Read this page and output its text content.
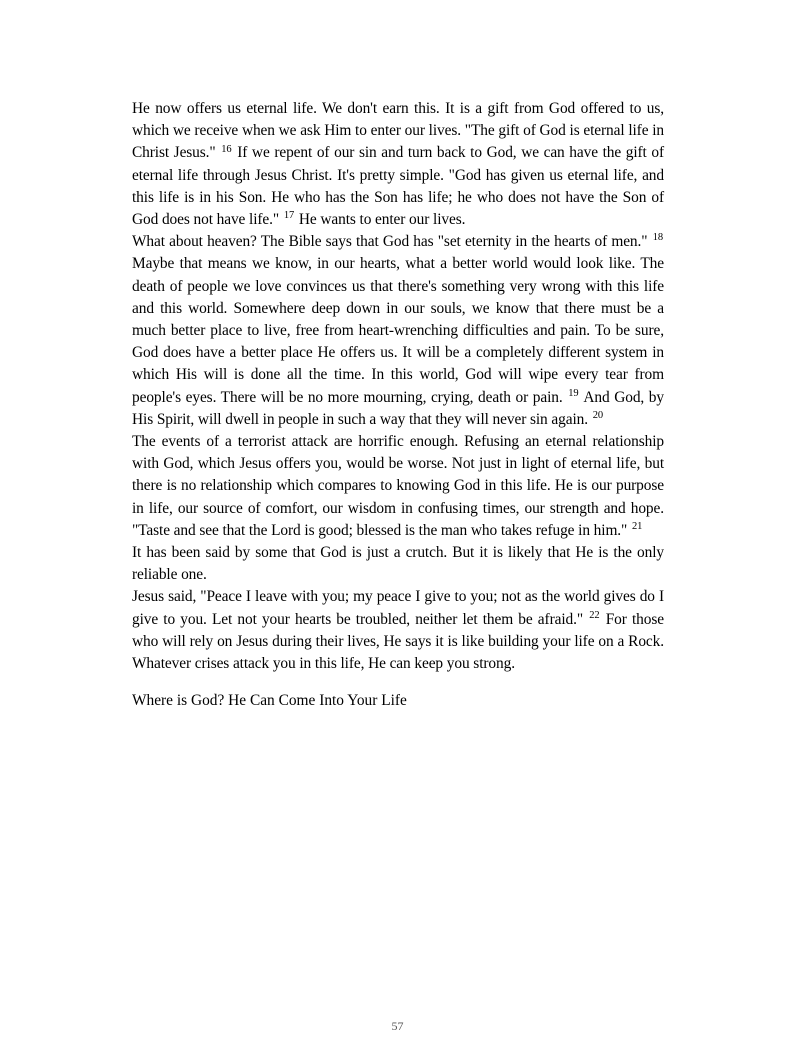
He now offers us eternal life. We don't earn this. It is a gift from God offered to us, which we receive when we ask Him to enter our lives. "The gift of God is eternal life in Christ Jesus." $^{16}$ If we repent of our sin and turn back to God, we can have the gift of eternal life through Jesus Christ. It's pretty simple. "God has given us eternal life, and this life is in his Son. He who has the Son has life; he who does not have the Son of God does not have life." $^{17}$ He wants to enter our lives.

What about heaven? The Bible says that God has "set eternity in the hearts of men." $^{18}$ Maybe that means we know, in our hearts, what a better world would look like. The death of people we love convinces us that there's something very wrong with this life and this world. Somewhere deep down in our souls, we know that there must be a much better place to live, free from heart-wrenching difficulties and pain. To be sure, God does have a better place He offers us. It will be a completely different system in which His will is done all the time. In this world, God will wipe every tear from people's eyes. There will be no more mourning, crying, death or pain. $^{19}$ And God, by His Spirit, will dwell in people in such a way that they will never sin again. $^{20}$

The events of a terrorist attack are horrific enough. Refusing an eternal relationship with God, which Jesus offers you, would be worse. Not just in light of eternal life, but there is no relationship which compares to knowing God in this life. He is our purpose in life, our source of comfort, our wisdom in confusing times, our strength and hope. "Taste and see that the Lord is good; blessed is the man who takes refuge in him." $^{21}$

It has been said by some that God is just a crutch. But it is likely that He is the only reliable one.

Jesus said, "Peace I leave with you; my peace I give to you; not as the world gives do I give to you. Let not your hearts be troubled, neither let them be afraid." $^{22}$ For those who will rely on Jesus during their lives, He says it is like building your life on a Rock. Whatever crises attack you in this life, He can keep you strong.

Where is God? He Can Come Into Your Life

57
